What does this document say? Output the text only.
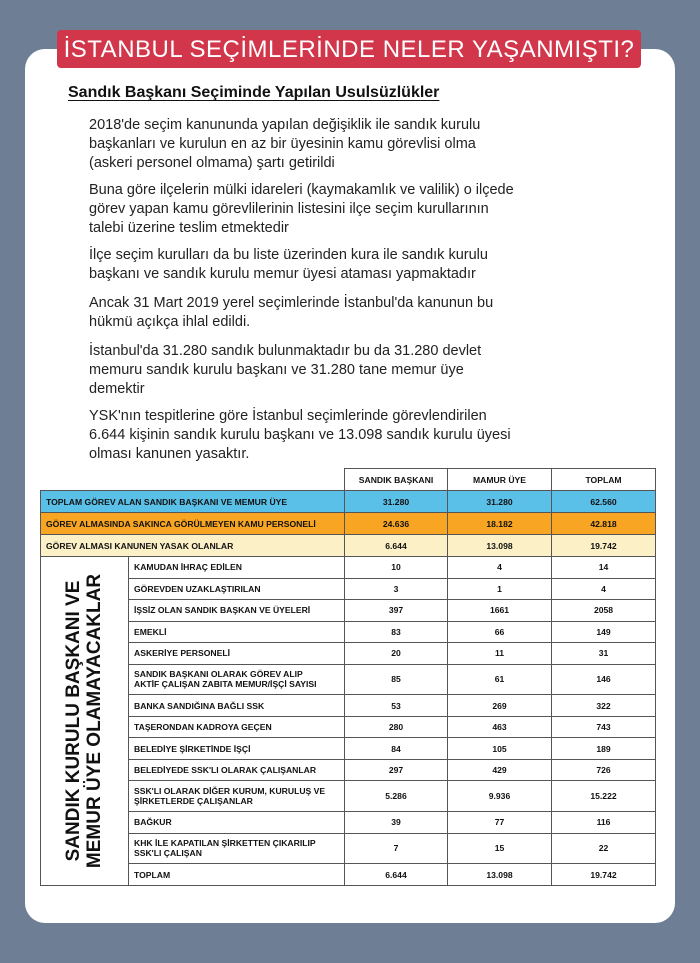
İSTANBUL SEÇİMLERİNDE NELER YAŞANMIŞTI?
Sandık Başkanı Seçiminde Yapılan Usulsüzlükler
2018'de seçim kanununda yapılan değişiklik ile sandık kurulu
başkanları ve kurulun en az bir üyesinin kamu görevlisi olma
(askeri personel olmama) şartı getirildi
Buna göre ilçelerin mülki idareleri (kaymakamlık ve valilik) o ilçede
görev yapan kamu görevlilerinin listesini ilçe seçim kurullarının
talebi üzerine teslim etmektedir
İlçe seçim kurulları da bu liste üzerinden kura ile sandık kurulu
başkanı ve sandık kurulu memur üyesi ataması yapmaktadır
Ancak 31 Mart 2019 yerel seçimlerinde İstanbul'da kanunun bu
hükmü açıkça ihlal edildi.
İstanbul'da 31.280 sandık bulunmaktadır bu da 31.280 devlet
memuru sandık kurulu başkanı ve 31.280 tane memur üye
demektir
YSK'nın tespitlerine göre İstanbul seçimlerinde görevlendirilen
6.644 kişinin sandık kurulu başkanı ve 13.098 sandık kurulu üyesi
olması kanunen yasaktır.
		SANDIK BAŞKANI	MAMUR ÜYE	TOPLAM
TOPLAM GÖREV ALAN SANDIK BAŞKANI VE MEMUR ÜYE		31.280	31.280	62.560
GÖREV ALMASINDA SAKINCA GÖRÜLMEYEN KAMU PERSONELİ		24.636	18.182	42.818
GÖREV ALMASI KANUNEN YASAK OLANLAR		6.644	13.098	19.742

SANDIK KURULU BAŞKANI VE
MEMUR ÜYE OLAMAYACAKLAR	KAMUDAN İHRAÇ EDİLEN	10	4	14
	GÖREVDEN UZAKLAŞTIRILAN	3	1	4
	İŞSİZ OLAN SANDIK BAŞKAN VE ÜYELERİ	397	1661	2058
	EMEKLİ	83	66	149
	ASKERİYE PERSONELİ	20	11	31
	SANDIK BAŞKANI OLARAK GÖREV ALIP
AKTİF ÇALIŞAN ZABITA MEMUR/İŞÇİ SAYISI	85	61	146
	BANKA SANDIĞINA BAĞLI SSK	53	269	322
	TAŞERONDAN KADROYA GEÇEN	280	463	743
	BELEDİYE ŞİRKETİNDE İŞÇİ	84	105	189
	BELEDİYEDE SSK'LI OLARAK ÇALIŞANLAR	297	429	726
	SSK'LI OLARAK DİĞER KURUM, KURULUŞ VE
ŞİRKETLERDE ÇALIŞANLAR	5.286	9.936	15.222
	BAĞKUR	39	77	116
	KHK İLE KAPATILAN ŞİRKETTEN ÇIKARILIP
SSK'LI ÇALIŞAN	7	15	22
	TOPLAM	6.644	13.098	19.742
